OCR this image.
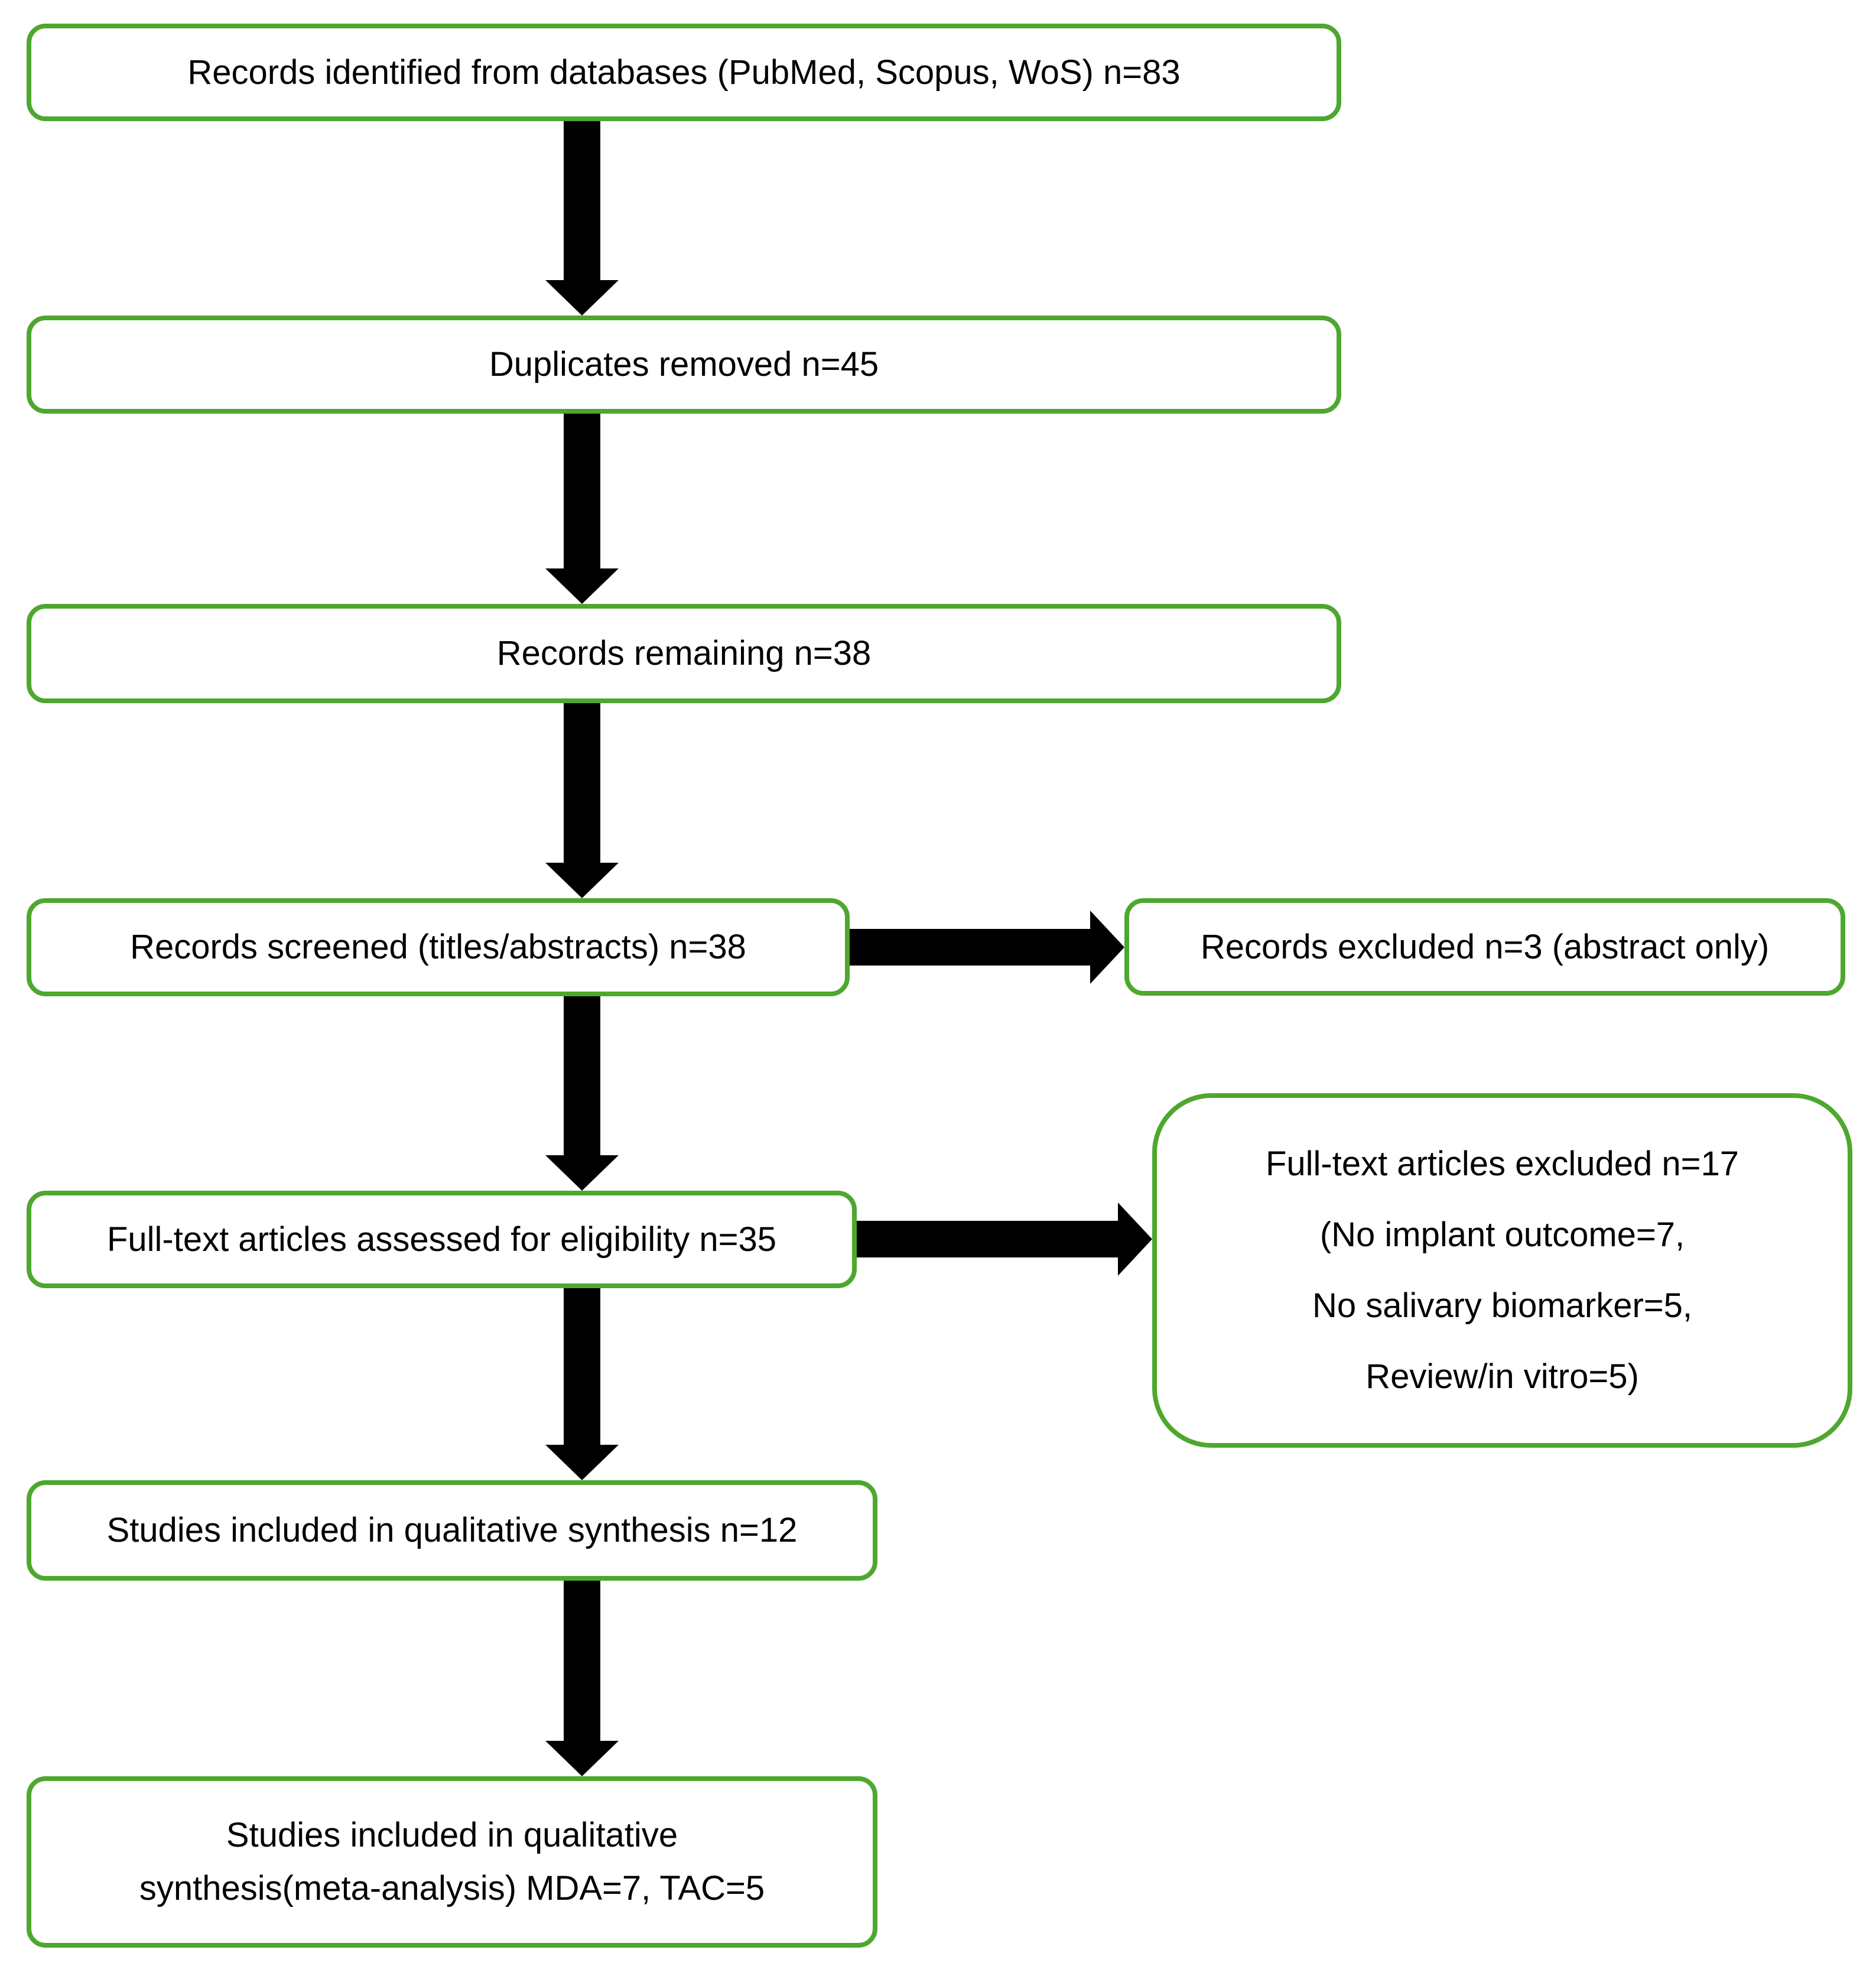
Records identified from databases (PubMed, Scopus, WoS) n=83
Duplicates removed n=45
Records remaining n=38
Records screened (titles/abstracts) n=38	Records excluded n=3 (abstract only)
Full-text articles assessed for eligibility n=35
Full-text articles excluded n=17
(No implant outcome=7,
No salivary biomarker=5,
Review/in vitro=5)
Studies included in qualitative synthesis n=12
Studies included in qualitative
synthesis(meta-analysis) MDA=7, TAC=5
